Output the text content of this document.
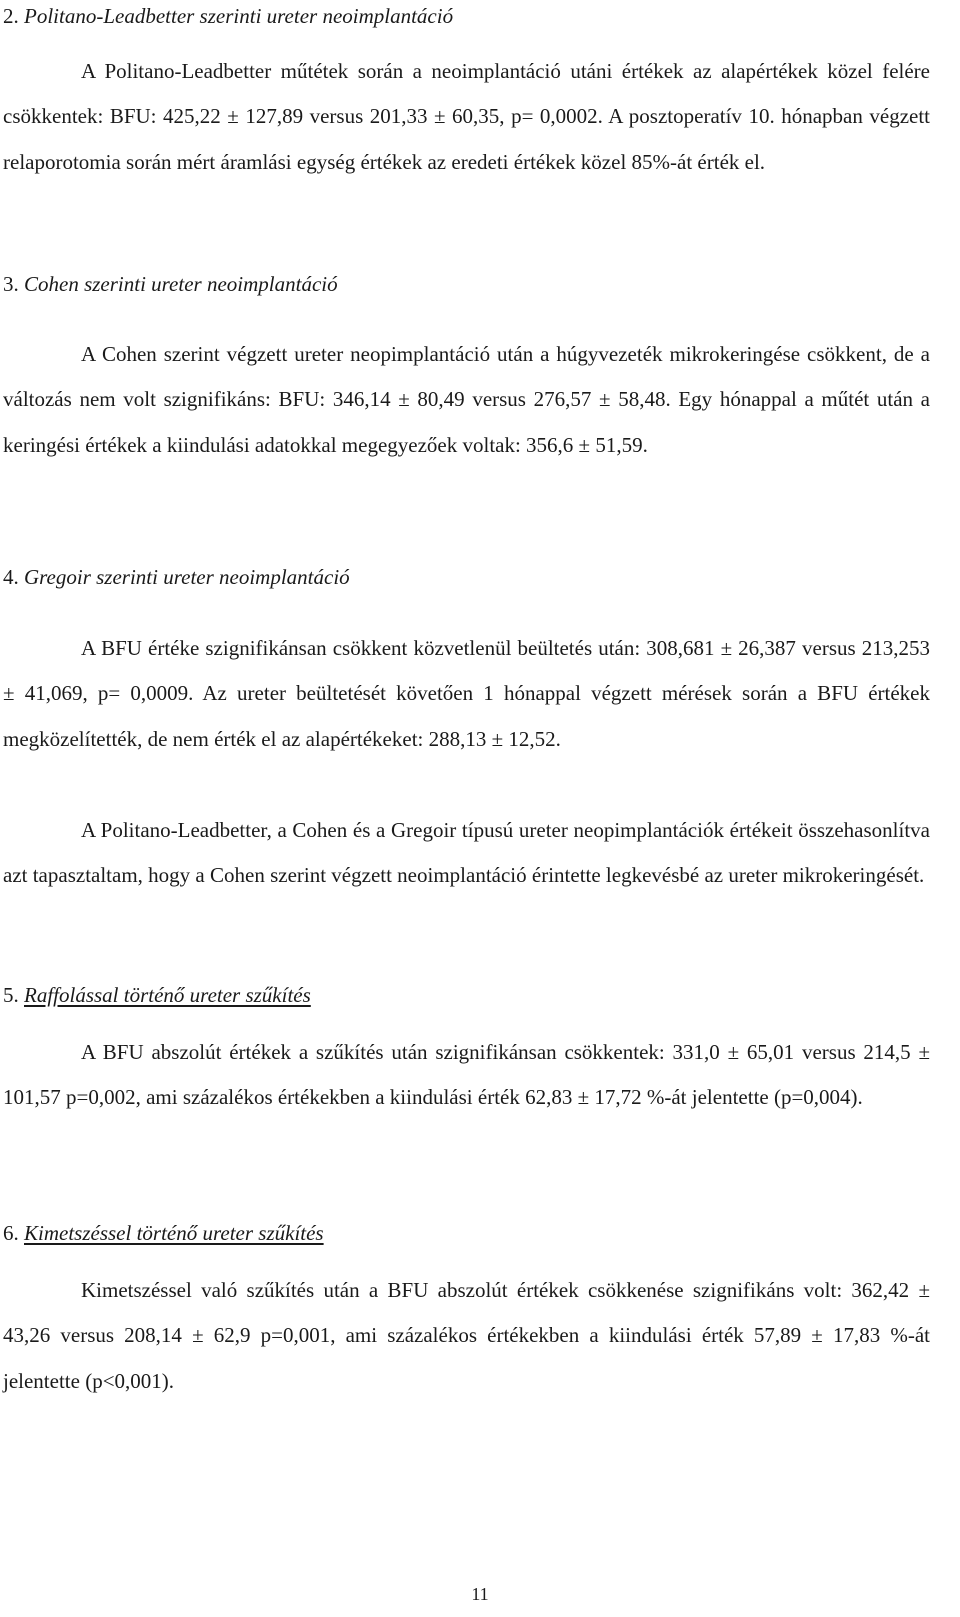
2. Politano-Leadbetter szerinti ureter neoimplantáció

A Politano-Leadbetter műtétek során a neoimplantáció utáni értékek az alapértékek közel felére csökkentek: BFU: 425,22 ± 127,89 versus 201,33 ± 60,35, p= 0,0002. A posztoperatív 10. hónapban végzett relaporotomia során mért áramlási egység értékek az eredeti értékek közel 85%-át érték el.

3. Cohen szerinti ureter neoimplantáció

A Cohen szerint végzett ureter neopimplantáció után a húgyvezeték mikrokeringése csökkent, de a változás nem volt szignifikáns: BFU: 346,14 ± 80,49 versus 276,57 ± 58,48. Egy hónappal a műtét után a keringési értékek a kiindulási adatokkal megegyezőek voltak: 356,6 ± 51,59.

4. Gregoir szerinti ureter neoimplantáció

A BFU értéke szignifikánsan csökkent közvetlenül beültetés után: 308,681 ± 26,387 versus 213,253 ± 41,069, p= 0,0009. Az ureter beültetését követően 1 hónappal végzett mérések során a BFU értékek megközelítették, de nem érték el az alapértékeket: 288,13 ± 12,52.

A Politano-Leadbetter, a Cohen és a Gregoir típusú ureter neopimplantációk értékeit összehasonlítva azt tapasztaltam, hogy a Cohen szerint végzett neoimplantáció érintette legkevésbé az ureter mikrokeringését.

5. Raffolással történő ureter szűkítés

A BFU abszolút értékek a szűkítés után szignifikánsan csökkentek: 331,0 ± 65,01 versus 214,5 ± 101,57 p=0,002, ami százalékos értékekben a kiindulási érték 62,83 ± 17,72 %-át jelentette (p=0,004).

6. Kimetszéssel történő ureter szűkítés

Kimetszéssel való szűkítés után a BFU abszolút értékek csökkenése szignifikáns volt: 362,42 ± 43,26 versus 208,14 ± 62,9 p=0,001, ami százalékos értékekben a kiindulási érték 57,89 ± 17,83 %-át jelentette (p<0,001).

11
